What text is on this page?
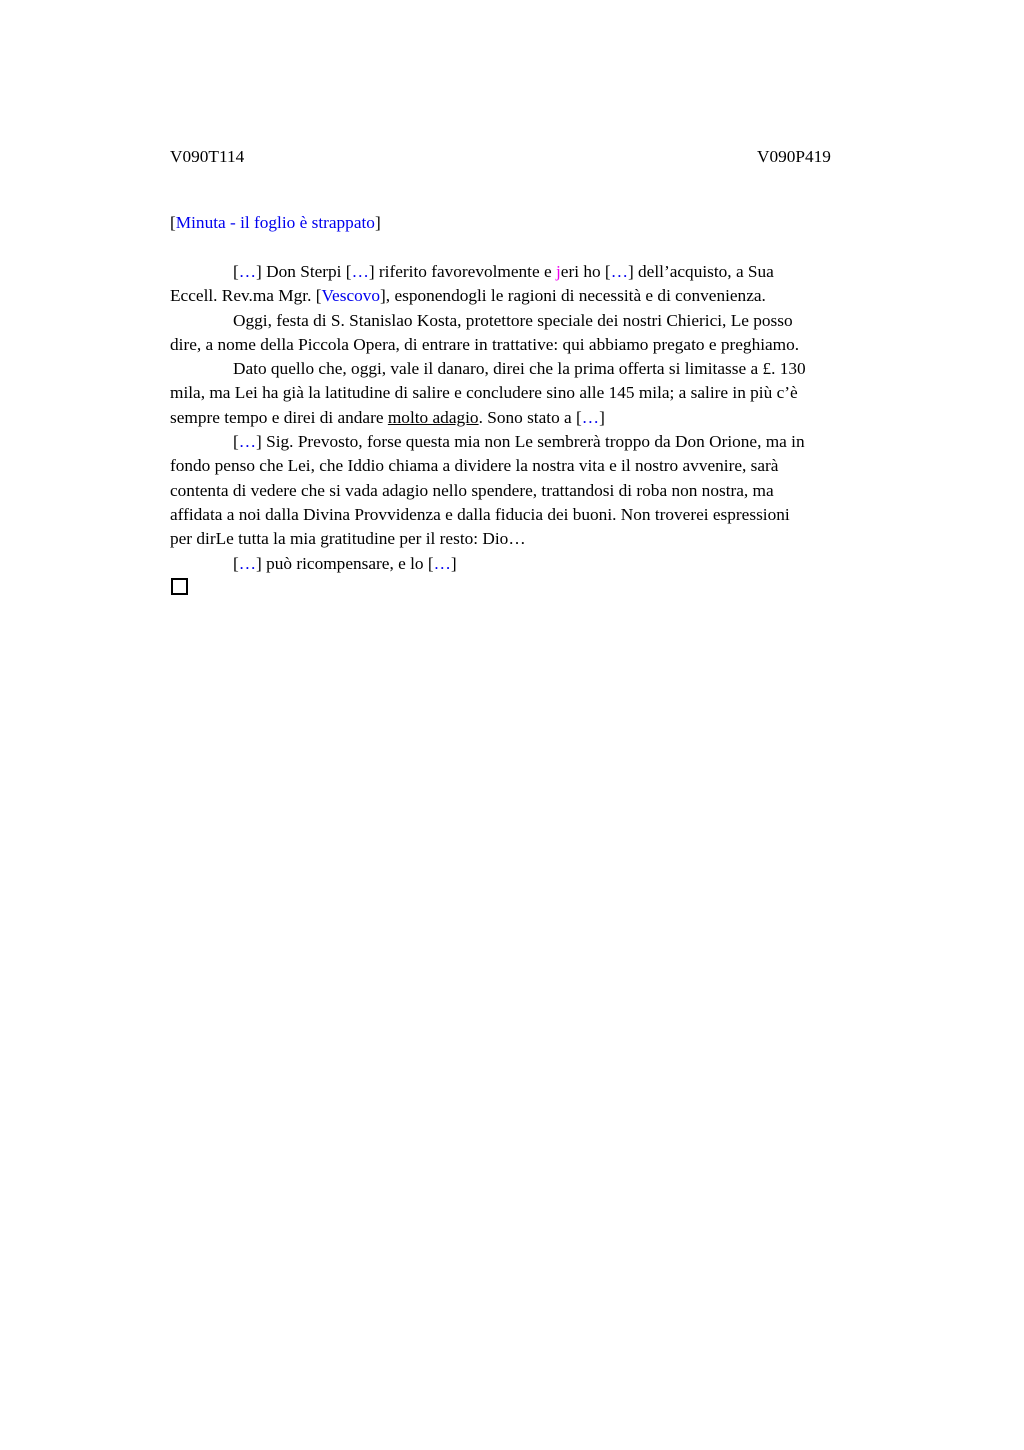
V090T114	V090P419
[Minuta - il foglio è strappato]
[…] Don Sterpi […] riferito favorevolmente e jeri ho […] dell’acquisto, a Sua
Eccell. Rev.ma Mgr. [Vescovo], esponendogli le ragioni di necessità e di convenienza.
Oggi, festa di S. Stanislao Kosta, protettore speciale dei nostri Chierici, Le posso
dire, a nome della Piccola Opera, di entrare in trattative: qui abbiamo pregato e preghiamo.
Dato quello che, oggi, vale il danaro, direi che la prima offerta si limitasse a £. 130
mila, ma Lei ha già la latitudine di salire e concludere sino alle 145 mila; a salire in più c’è
sempre tempo e direi di andare molto adagio. Sono stato a […]
[…] Sig. Prevosto, forse questa mia non Le sembrerà troppo da Don Orione, ma in
fondo penso che Lei, che Iddio chiama a dividere la nostra vita e il nostro avvenire, sarà
contenta di vedere che si vada adagio nello spendere, trattandosi di roba non nostra, ma
affidata a noi dalla Divina Provvidenza e dalla fiducia dei buoni. Non troverei espressioni
per dirLe tutta la mia gratitudine per il resto: Dio…
[…] può ricompensare, e lo […]
